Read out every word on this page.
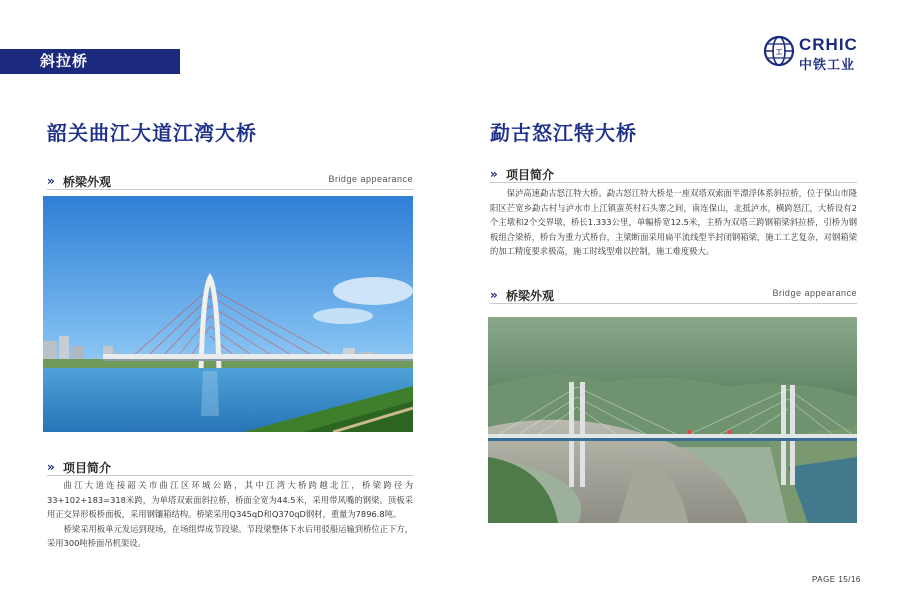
斜拉桥	工 CRHIC
中铁工业
韶关曲江大道江湾大桥
» 桥梁外观	Bridge appearance
» 项目简介

曲江大道连接韶关市曲江区环城公路，其中江湾大桥跨越北江，桥梁跨径为33+102+183=318米跨，为单塔双索面斜拉桥，桥面全宽为44.5米，采用带风嘴的钢梁。顶板采用正交异形板桥面板，采用钢镶箱结构。桥梁采用Q345qD和Q370qD钢材，重量为7896.8吨。

桥梁采用板单元发运到现场，在场组焊成节段梁。节段梁整体下水后用驳船运输到桥位正下方，采用300吨桥面吊机架设。

勐古怒江特大桥
» 项目简介

保泸高速勐古怒江特大桥。勐古怒江特大桥是一座双塔双索面半漂浮体系斜拉桥，位于保山市隆阳区芒宽乡勐古村与泸水市上江镇蛮英村石头寨之间，南连保山，北抵泸水，横跨怒江，大桥设有2个主墩和2个交界墩，桥长1.333公里，单幅桥宽12.5米，主桥为双塔三跨钢箱梁斜拉桥，引桥为钢板组合梁桥，桥台为重力式桥台，主梁断面采用扁平流线型半封闭钢箱梁，施工工艺复杂，对钢箱梁的加工精度要求极高，施工时线型难以控制，施工难度极大。

» 桥梁外观	Bridge appearance
PAGE 15/16
